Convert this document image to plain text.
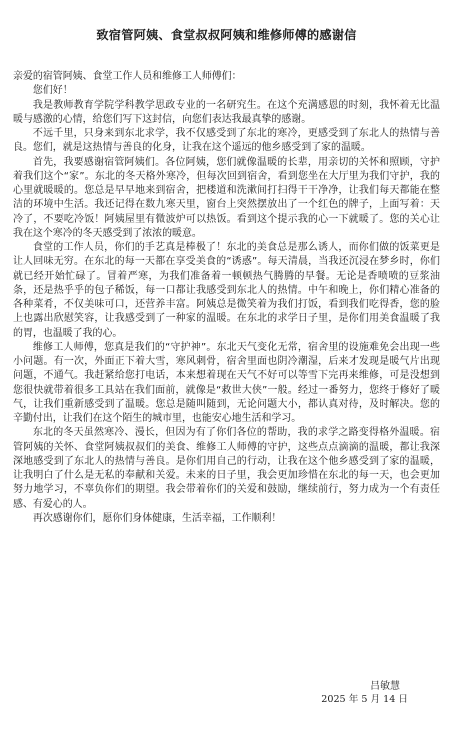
致宿管阿姨、食堂叔叔阿姨和维修师傅的感谢信

亲爱的宿管阿姨、食堂工作人员和维修工人师傅们：

您们好！

我是教师教育学院学科教学思政专业的一名研究生。在这个充满感恩的时刻，我怀着无比温暖与感激的心情，给您们写下这封信，向您们表达我最真挚的感谢。

不远千里，只身来到东北求学，我不仅感受到了东北的寒冷，更感受到了东北人的热情与善良。您们，就是这热情与善良的化身，让我在这个遥远的他乡感受到了家的温暖。

首先，我要感谢宿管阿姨们。各位阿姨，您们就像温暖的长辈，用亲切的关怀和照顾，守护着我们这个“家”。东北的冬天格外寒冷，但每次回到宿舍，看到您坐在大厅里为我们守护，我的心里就暖暖的。您总是早早地来到宿舍，把楼道和洗漱间打扫得干干净净，让我们每天都能在整洁的环境中生活。我还记得在数九寒天里，窗台上突然摆放出了一个红色的牌子，上面写着：天冷了，不要吃冷饭！阿姨屋里有微波炉可以热饭。看到这个提示我的心一下就暖了。您的关心让我在这个寒冷的冬天感受到了浓浓的暖意。

食堂的工作人员，你们的手艺真是棒极了！东北的美食总是那么诱人，而你们做的饭菜更是让人回味无穷。在东北的每一天都在享受美食的“诱惑”。每天清晨，当我还沉浸在梦乡时，你们就已经开始忙碌了。冒着严寒，为我们准备着一顿顿热气腾腾的早餐。无论是香喷喷的豆浆油条，还是热乎乎的包子稀饭，每一口都让我感受到东北人的热情。中午和晚上，你们精心准备的各种菜肴，不仅美味可口，还营养丰富。阿姨总是微笑着为我们打饭，看到我们吃得香，您的脸上也露出欣慰笑容，让我感受到了一种家的温暖。在东北的求学日子里，是你们用美食温暖了我的胃，也温暖了我的心。

维修工人师傅，您真是我们的“守护神”。东北天气变化无常，宿舍里的设施难免会出现一些小问题。有一次，外面正下着大雪，寒风刺骨，宿舍里面也阴冷潮湿，后来才发现是暖气片出现问题，不通气。我赶紧给您打电话，本来想着现在天气不好可以等雪下完再来维修，可是没想到您很快就带着很多工具站在我们面前，就像是“救世大侠”一般。经过一番努力，您终于修好了暖气，让我们重新感受到了温暖。您总是随叫随到，无论问题大小，都认真对待，及时解决。您的辛勤付出，让我们在这个陌生的城市里，也能安心地生活和学习。

东北的冬天虽然寒冷、漫长，但因为有了你们各位的帮助，我的求学之路变得格外温暖。宿管阿姨的关怀、食堂阿姨叔叔们的美食、维修工人师傅的守护，这些点点滴滴的温暖，都让我深深地感受到了东北人的热情与善良。是你们用自己的行动，让我在这个他乡感受到了家的温暖，让我明白了什么是无私的奉献和关爱。未来的日子里，我会更加珍惜在东北的每一天，也会更加努力地学习，不辜负你们的期望。我会带着你们的关爱和鼓励，继续前行，努力成为一个有责任感、有爱心的人。

再次感谢你们，愿你们身体健康，生活幸福，工作顺利！

吕敏慧

2025 年 5 月 14 日
